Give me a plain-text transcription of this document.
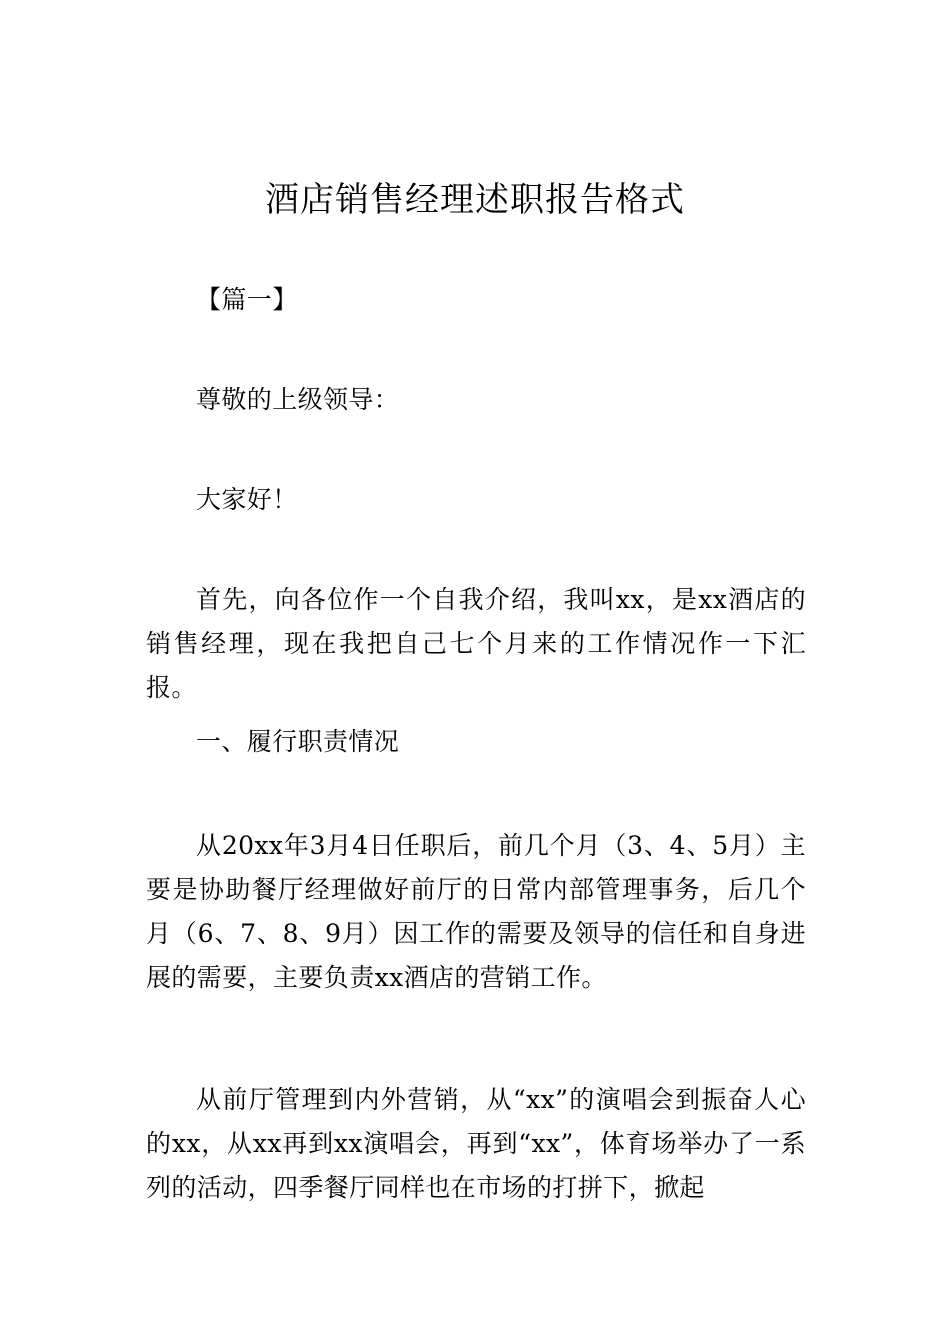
酒店销售经理述职报告格式
【篇一】
尊敬的上级领导：
大家好！
首先，向各位作一个自我介绍，我叫xx，是xx酒店的销售经理，现在我把自己七个月来的工作情况作一下汇报。
一、履行职责情况
从20xx年3月4日任职后，前几个月（3、4、5月）主要是协助餐厅经理做好前厅的日常内部管理事务，后几个月（6、7、8、9月）因工作的需要及领导的信任和自身进展的需要，主要负责xx酒店的营销工作。
从前厅管理到内外营销，从“xx”的演唱会到振奋人心的xx，从xx再到xx演唱会，再到“xx”，体育场举办了一系列的活动，四季餐厅同样也在市场的打拼下，掀起
